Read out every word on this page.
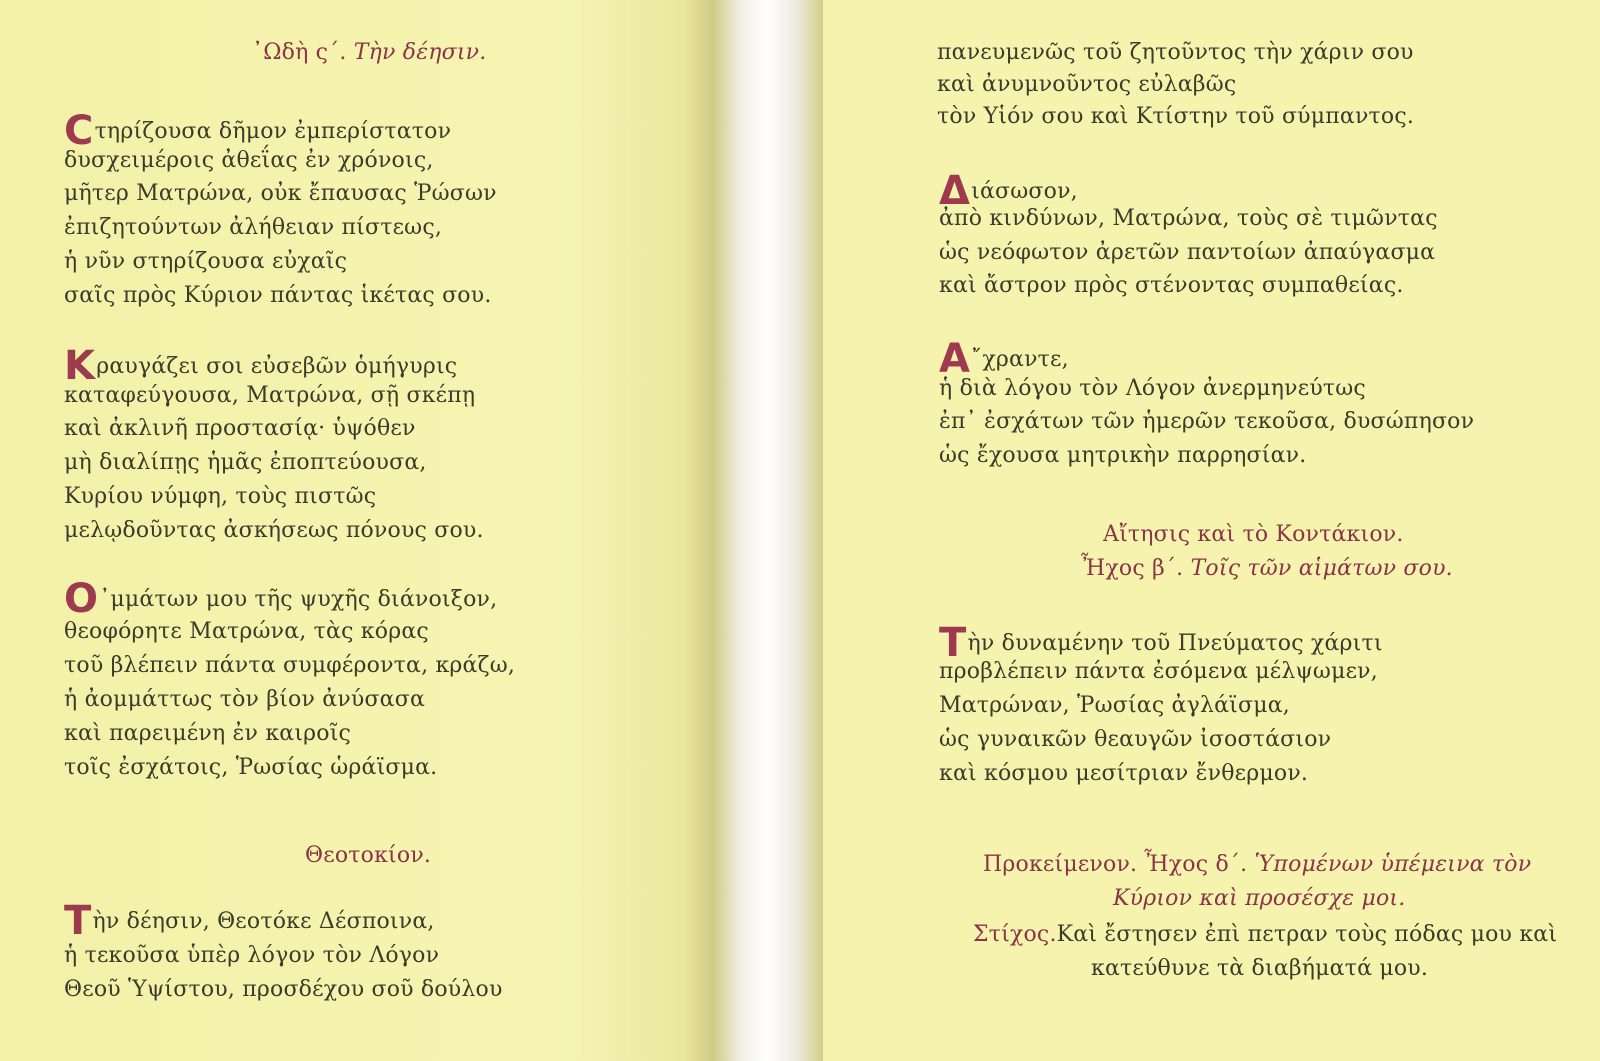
᾿Ωδὴ ς΄. Τὴν δέησιν.
Cτηρίζουσα δῆμον ἐμπερίστατον
δυσχειμέροις ἀθεΐας ἐν χρόνοις,
μῆτερ Ματρώνα, οὐκ ἔπαυσας Ῥώσων
ἐπιζητούντων ἀλήθειαν πίστεως,
ἡ νῦν στηρίζουσα εὐχαῖς
σαῖς πρὸς Κύριον πάντας ἱκέτας σου.
Kραυγάζει σοι εὐσεβῶν ὁμήγυρις
καταφεύγουσα, Ματρώνα, σῇ σκέπῃ
καὶ ἀκλινῆ προστασίᾳ· ὑψόθεν
μὴ διαλίπῃς ἡμᾶς ἐποπτεύουσα,
Κυρίου νύμφη, τοὺς πιστῶς
μελῳδοῦντας ἀσκήσεως πόνους σου.
O᾿μμάτων μου τῆς ψυχῆς διάνοιξον,
θεοφόρητε Ματρώνα, τὰς κόρας
τοῦ βλέπειν πάντα συμφέροντα, κράζω,
ἡ ἀομμάττως τὸν βίον ἀνύσασα
καὶ παρειμένη ἐν καιροῖς
τοῖς ἐσχάτοις, Ῥωσίας ὡράϊσμα.
Θεοτοκίον.
Tὴν δέησιν, Θεοτόκε Δέσποινα,
ἡ τεκοῦσα ὑπὲρ λόγον τὸν Λόγον
Θεοῦ Ὑψίστου, προσδέχου σοῦ δούλου
πανευμενῶς τοῦ ζητοῦντος τὴν χάριν σου
καὶ ἀνυμνοῦντος εὐλαβῶς
τὸν Υἱόν σου καὶ Κτίστην τοῦ σύμπαντος.
Διάσωσον,
ἀπὸ κινδύνων, Ματρώνα, τοὺς σὲ τιμῶντας
ὡς νεόφωτον ἀρετῶν παντοίων ἀπαύγασμα
καὶ ἄστρον πρὸς στένοντας συμπαθείας.
Α῎χραντε,
ἡ διὰ λόγου τὸν Λόγον ἀνερμηνεύτως
ἐπ᾿ ἐσχάτων τῶν ἡμερῶν τεκοῦσα, δυσώπησον
ὡς ἔχουσα μητρικὴν παρρησίαν.
Αἴτησις καὶ τὸ Κοντάκιον.
Ἦχος β΄. Τοῖς τῶν αἱμάτων σου.
Tὴν δυναμένην τοῦ Πνεύματος χάριτι
προβλέπειν πάντα ἐσόμενα μέλψωμεν,
Ματρώναν, Ῥωσίας ἀγλάϊσμα,
ὡς γυναικῶν θεαυγῶν ἰσοστάσιον
καὶ κόσμου μεσίτριαν ἔνθερμον.
Προκείμενον. Ἦχος δ΄. Ὑπομένων ὑπέμεινα τὸν
Κύριον καὶ προσέσχε μοι.
Στίχος.Καὶ ἔστησεν ἐπὶ πετραν τοὺς πόδας μου καὶ
κατεύθυνε τὰ διαβήματά μου.
